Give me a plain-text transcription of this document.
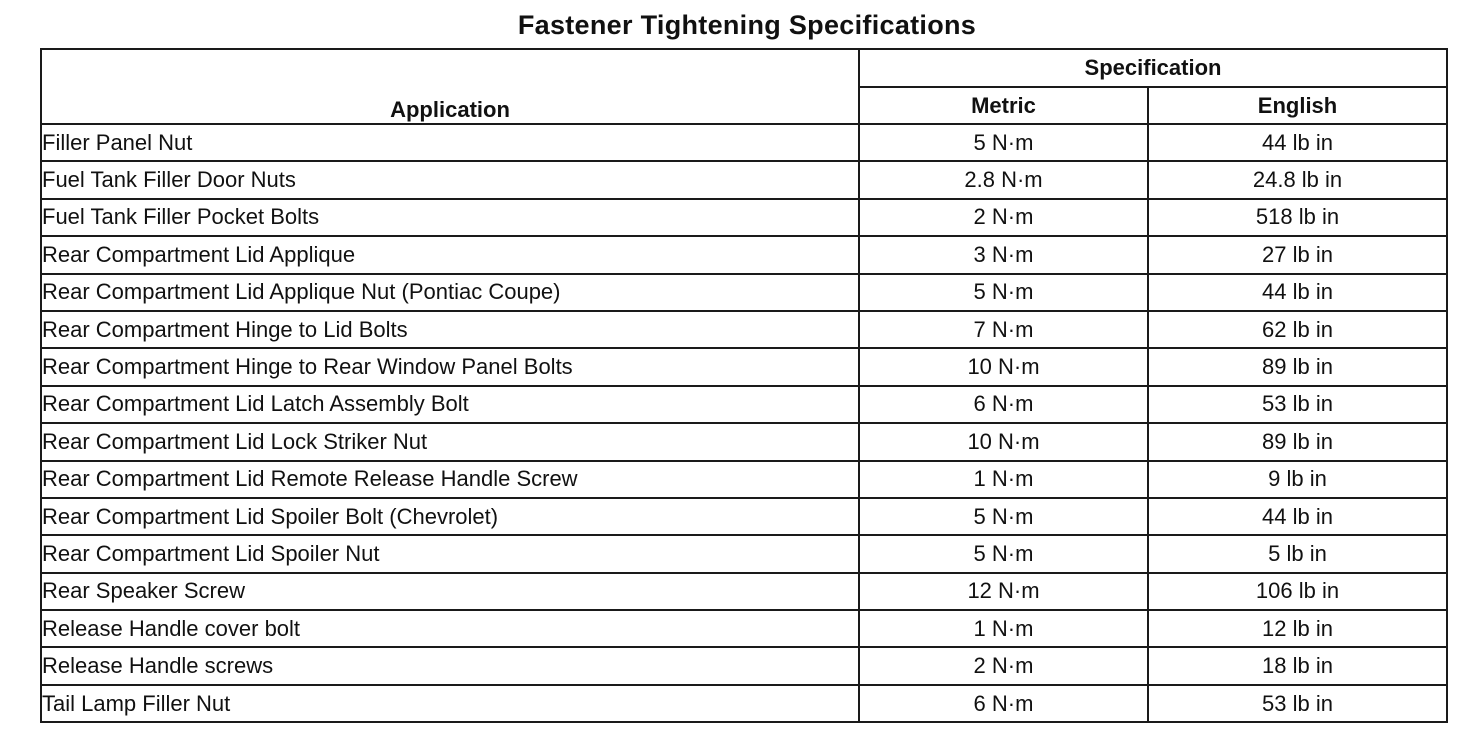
Fastener Tightening Specifications
Application	Specification	
	Metric	English
Filler Panel Nut	5 N·m	44 lb in
Fuel Tank Filler Door Nuts	2.8 N·m	24.8 lb in
Fuel Tank Filler Pocket Bolts	2 N·m	518 lb in
Rear Compartment Lid Applique	3 N·m	27 lb in
Rear Compartment Lid Applique Nut (Pontiac Coupe)	5 N·m	44 lb in
Rear Compartment Hinge to Lid Bolts	7 N·m	62 lb in
Rear Compartment Hinge to Rear Window Panel Bolts	10 N·m	89 lb in
Rear Compartment Lid Latch Assembly Bolt	6 N·m	53 lb in
Rear Compartment Lid Lock Striker Nut	10 N·m	89 lb in
Rear Compartment Lid Remote Release Handle Screw	1 N·m	9 lb in
Rear Compartment Lid Spoiler Bolt (Chevrolet)	5 N·m	44 lb in
Rear Compartment Lid Spoiler Nut	5 N·m	5 lb in
Rear Speaker Screw	12 N·m	106 lb in
Release Handle cover bolt	1 N·m	12 lb in
Release Handle screws	2 N·m	18 lb in
Tail Lamp Filler Nut	6 N·m	53 lb in
